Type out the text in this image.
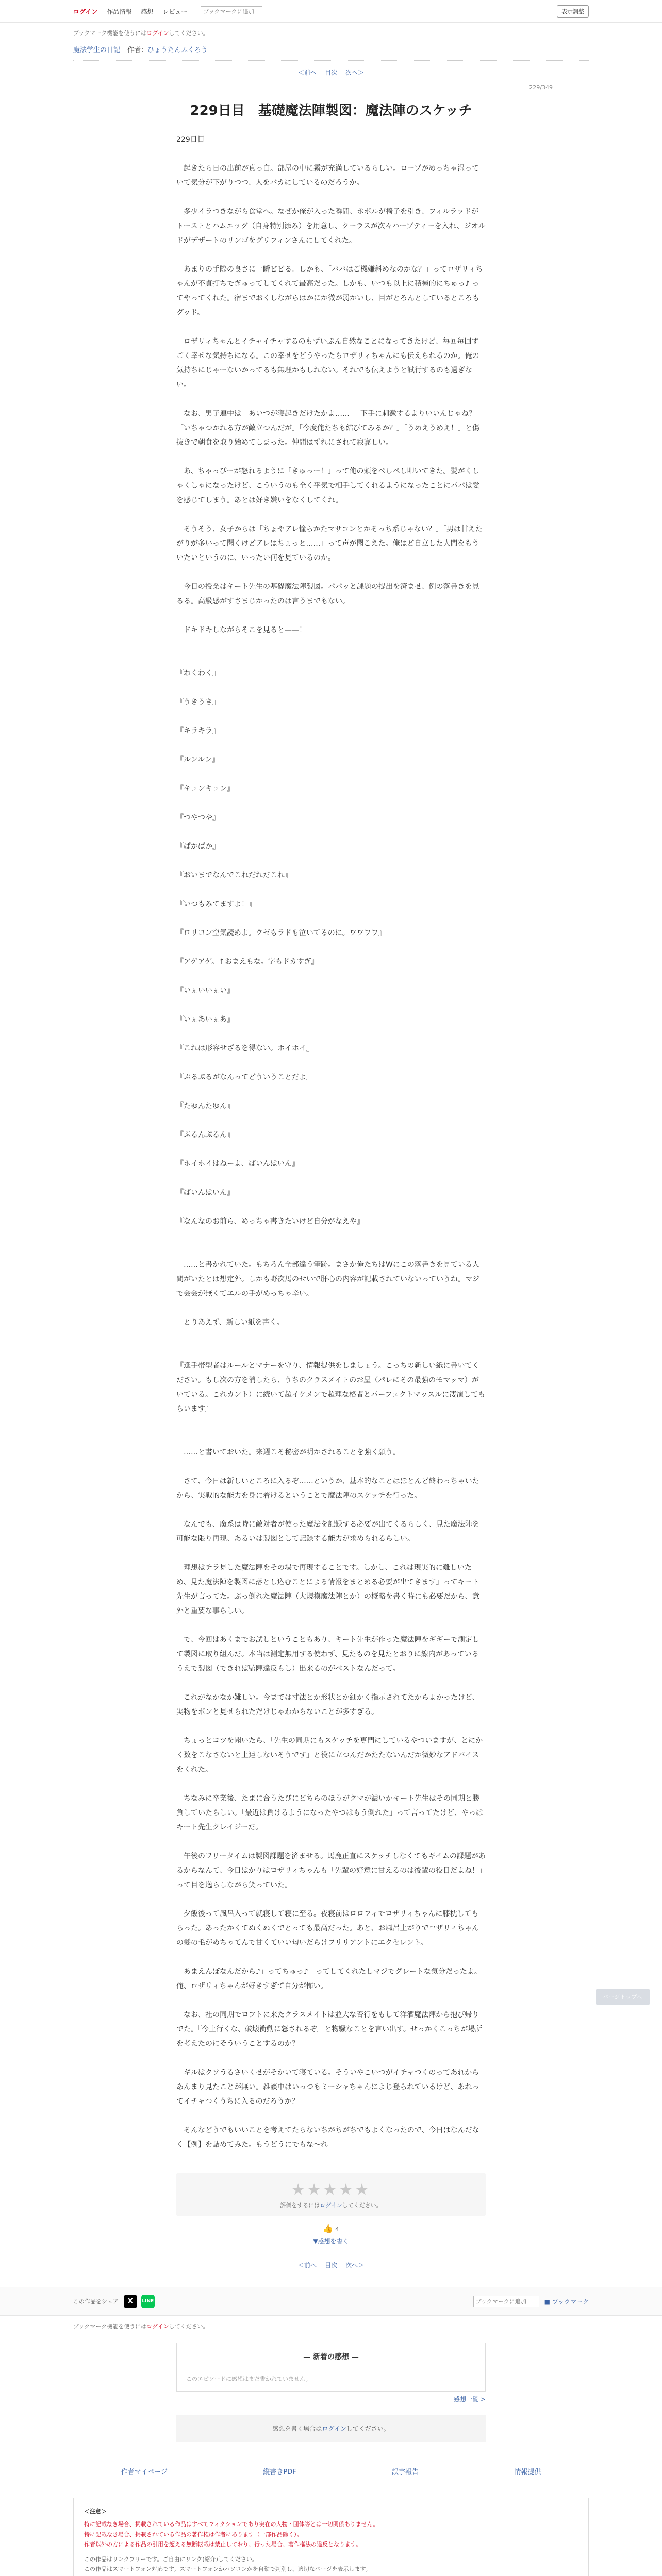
ログイン 作品情報 感想 レビュー
ブックマークに追加	表示調整
ブックマーク機能を使うにはログインしてください。
魔法学生の日記 作者：ひょうたんふくろう
＜前へ 目次 次へ＞
229/349
229日目　基礎魔法陣製図：魔法陣のスケッチ

229日目

　起きたら日の出前が真っ白。部屋の中に霧が充満しているらしい。ロープがめっちゃ湿っていて気分が下がりつつ、人をバカにしているのだろうか。

　多少イラつきながら食堂へ。なぜか俺が入った瞬間、ポポルが椅子を引き、フィルラッドがトーストとハムエッグ（自身特別添み）を用意し、クーラスが次々ハーブティーを入れ、ジオルドがデザートのリンゴをグリフィンさんにしてくれた。

　あまりの手際の良さに一瞬ビビる。しかも、「パパはご機嫌斜めなのかな？」ってロザリィちゃんが不貞打ちでぎゅってしてくれて最高だった。しかも、いつも以上に積極的にちゅっ♪ ってやってくれた。宿までおくしながらはかにか微が弱かいし、目がとろんとしているところもグッド。

　ロザリィちゃんとイチャイチャするのもずいぶん自然なことになってきたけど、毎回毎回すごく幸せな気持ちになる。この幸せをどうやったらロザリィちゃんにも伝えられるのか。俺の気持ちにじゃーないかってるも無理かもしれない。それでも伝えようと試行するのも過ぎない。

　なお、男子連中は「あいつが寝起きだけたかよ……」「下手に刺激するよりいいんじゃね？」「いちゃつかれる方が敵立つんだが」「今度俺たちも結びてみるか？」「うめえうめえ！」と傷抜きで朝食を取り始めてしまった。仲間はずれにされて寂寥しい。

　あ、ちゃっぴーが怒れるように「きゅっー！」って俺の頭をペしペし叩いてきた。髪がくしゃくしゃになったけど、こういうのも全く平気で相手してくれるようになったことにパパは愛を感じてしまう。あとは好き嫌いをなくしてくれ。

　そうそう、女子からは「ちょやアレ憧らかたマサコンとかそっち系じゃない？」「男は甘えたがりが多いって聞くけどアレはちょっと……」って声が聞こえた。俺はど自立した人間をもういたいというのに、いったい何を見ているのか。

　今日の授業はキート先生の基礎魔法陣製図。パパッと課題の提出を済ませ、例の落書きを見るる。高級感がすさまじかったのは言うまでもない。

　ドキドキしながらそこを見ると——！

『わくわく』

『うきうき』

『キラキラ』

『ルンルン』

『キュンキュン』

『つやつや』

『ぱかぱか』

『おいまでなんでこれだれだこれ』

『いつもみてますよ！』

『ロリコン空気読めよ。クゼもラドも泣いてるのに。ワワワワ』

『アゲアゲ。↑おまえもな。字もドカすぎ』

『いぇいいぇい』

『いぇあいぇあ』

『これは形容せざるを得ない。ホイホイ』

『ぷるぷるがなんってどういうことだよ』

『たゆんたゆん』

『ぷるんぷるん』

『ホイホイはねーよ、ぱいんぱいん』

『ぱいんぱいん』

『なんなのお前ら、めっちゃ書きたいけど自分がなえや』

　……と書かれていた。もちろん全部違う筆跡。まさか俺たちはWにこの落書きを見ている人間がいたとは想定外。しかも野次馬のせいで肝心の内容が記載されていないっていうね。マジで会会が無くてエルの手がめっちゃ辛い。

　とりあえず、新しい紙を書く。

『選手帯型者はルールとマナーを守り、情報提供をしましょう。こっちの新しい紙に書いてください。もし次の方を消したら、うちのクラスメイトのお屋（パレにその最強のモマッマ）がいている。これカント）に続いて超イケメンで超理な格者とパーフェクトマッスルに凄演してもらいます』

　……と書いておいた。来週こそ秘密が明かされることを強く願う。

　さて、今日は新しいところに入るぞ……というか、基本的なことはほとんど終わっちゃいたから、実戦的な能力を身に着けるということで魔法陣のスケッチを行った。

　なんでも、魔系は時に敵対者が使った魔法を記録する必要が出てくるらしく、見た魔法陣を可能な限り再現、あるいは製図として記録する能力が求められるらしい。

「理想はチラ見した魔法陣をその場で再現することです。しかし、これは現実的に難しいため、見た魔法陣を製図に落とし込むことによる情報をまとめる必要が出てきます」ってキート先生が言ってた。ぶっ倒れた魔法陣（大規模魔法陣とか）の概略を書く時にも必要だから、意外と重要な事らしい。

　で、今回はあくまでお試しということもあり、キート先生が作った魔法陣をギギーで測定して製図に取り組んだ。本当は測定無用する使わず、見たものを見たとおりに線内があっているうえで製図（できれば監陣違反もし）出来るのがベストなんだって。

　これがなかなか難しい。今までは寸法とか形状とか細かく指示されてたからよかったけど、実物をポンと見せられただけじゃわからないことが多すぎる。

　ちょっとコツを聞いたら、「先生の同期にもスケッチを専門にしているやついますが、とにかく数をこなさないと上達しないそうです」と役に立つんだかたたないんだか微妙なアドバイスをくれた。

　ちなみに卒業後、たまに合うたびにどちらのほうがクマが濃いかキート先生はその同期と勝負していたらしい。「最近は負けるようになったやつはもう倒れた」って言ってたけど、やっぱキート先生クレイジーだ。

　午後のフリータイムは製図課題を済ませる。馬鹿正直にスケッチしなくてもギイムの課題があるからなんて、今日はかりはロザリィちゃんも「先輩の好意に甘えるのは後輩の役目だよね！」って目を逸らしながら笑っていた。

　夕飯後って風呂入って就寝して寝に至る。夜寝前はロロフィでロザリィちゃんに膝枕してもらった。あったかくてぬくぬくでとっても最高だった。あと、お風呂上がりでロザリィちゃんの髪の毛がめちゃてんで甘くていい匂いだらけプリリアントにエクセレント。

「あまえんぼなんだから♪」ってちゅっ♪　ってしてくれたしマジでグレートな気分だったよ。俺、ロザリィちゃんが好きすぎて自分が怖い。

　なお、社の同期でロフトに来たクラスメイトは並大な否行をもして洋酒魔法陣から抱び帰りでた。『今上行くな、破壊衝動に怒されるぞ』と物騒なことを言い出す。せっかくこっちが場所を考えたのにそういうことするのか？

　ギルはクソうるさいくせがそかいて寝ている。そういやこいつがイチャつくのってあれからあんまり見たことが無い。雑談中はいっつもミーシャちゃんによじ登られているけど、あれってイチャつくうちに入るのだろうか？

　そんなどうでもいいことを考えてたらないちがちがちでもよくなったので、今日はなんだなく【例】を詰めてみた。もうどうにでもな〜れ

★★★★★
評価をするにはログインしてください。
👍 4
▼感想を書く
＜前へ 目次 次へ＞
この作品をシェア	X	LINE
ブックマークに追加	■ ブックマーク
ブックマーク機能を使うにはログインしてください。
— 新着の感想 —
このエピソードに感想はまだ書かれていません。
感想一覧 >
感想を書く場合はログインしてください。
作者マイページ	縦書きPDF	誤字報告	情報提供
＜注意＞
特に記載なき場合、掲載されている作品はすべてフィクションであり実在の人物・団体等とは一切関係ありません。
特に記載なき場合、掲載されている作品の著作権は作者にあります（一部作品除く）。
作者以外の方による作品の引用を超える無断転載は禁止しており、行った場合、著作権法の違反となります。
この作品はリンクフリーです。ご自由にリンク(紹介)してください。
この作品はスマートフォン対応です。スマートフォンかパソコンかを自動で判別し、適切なページを表示します。
ページトップへ
